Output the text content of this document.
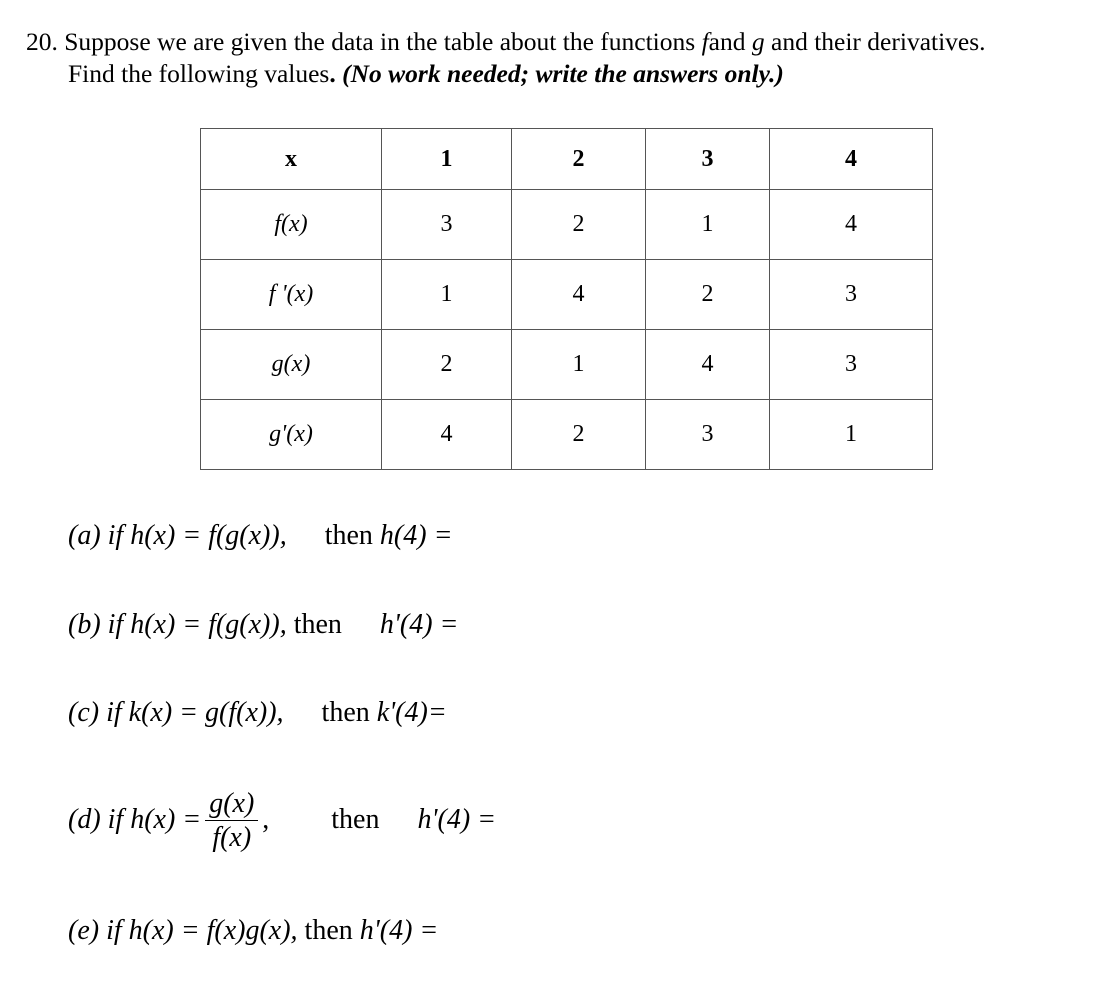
20. Suppose we are given the data in the table about the functions fand g and their derivatives.
Find the following values. (No work needed; write the answers only.)
x	1	2	3	4
f(x)	3	2	1	4
f '(x)	1	4	2	3
g(x)	2	1	4	3
g'(x)	4	2	3	1
(a) if h(x) = f(g(x)), then h(4) =
(b) if h(x) = f(g(x)), then h'(4) =
(c) if k(x) = g(f(x)), then k'(4)=
(d) if $h(x) = \frac{g(x)}{f(x)}$ , then h'(4) =
(e) if h(x) = f(x)g(x), then h'(4) =
